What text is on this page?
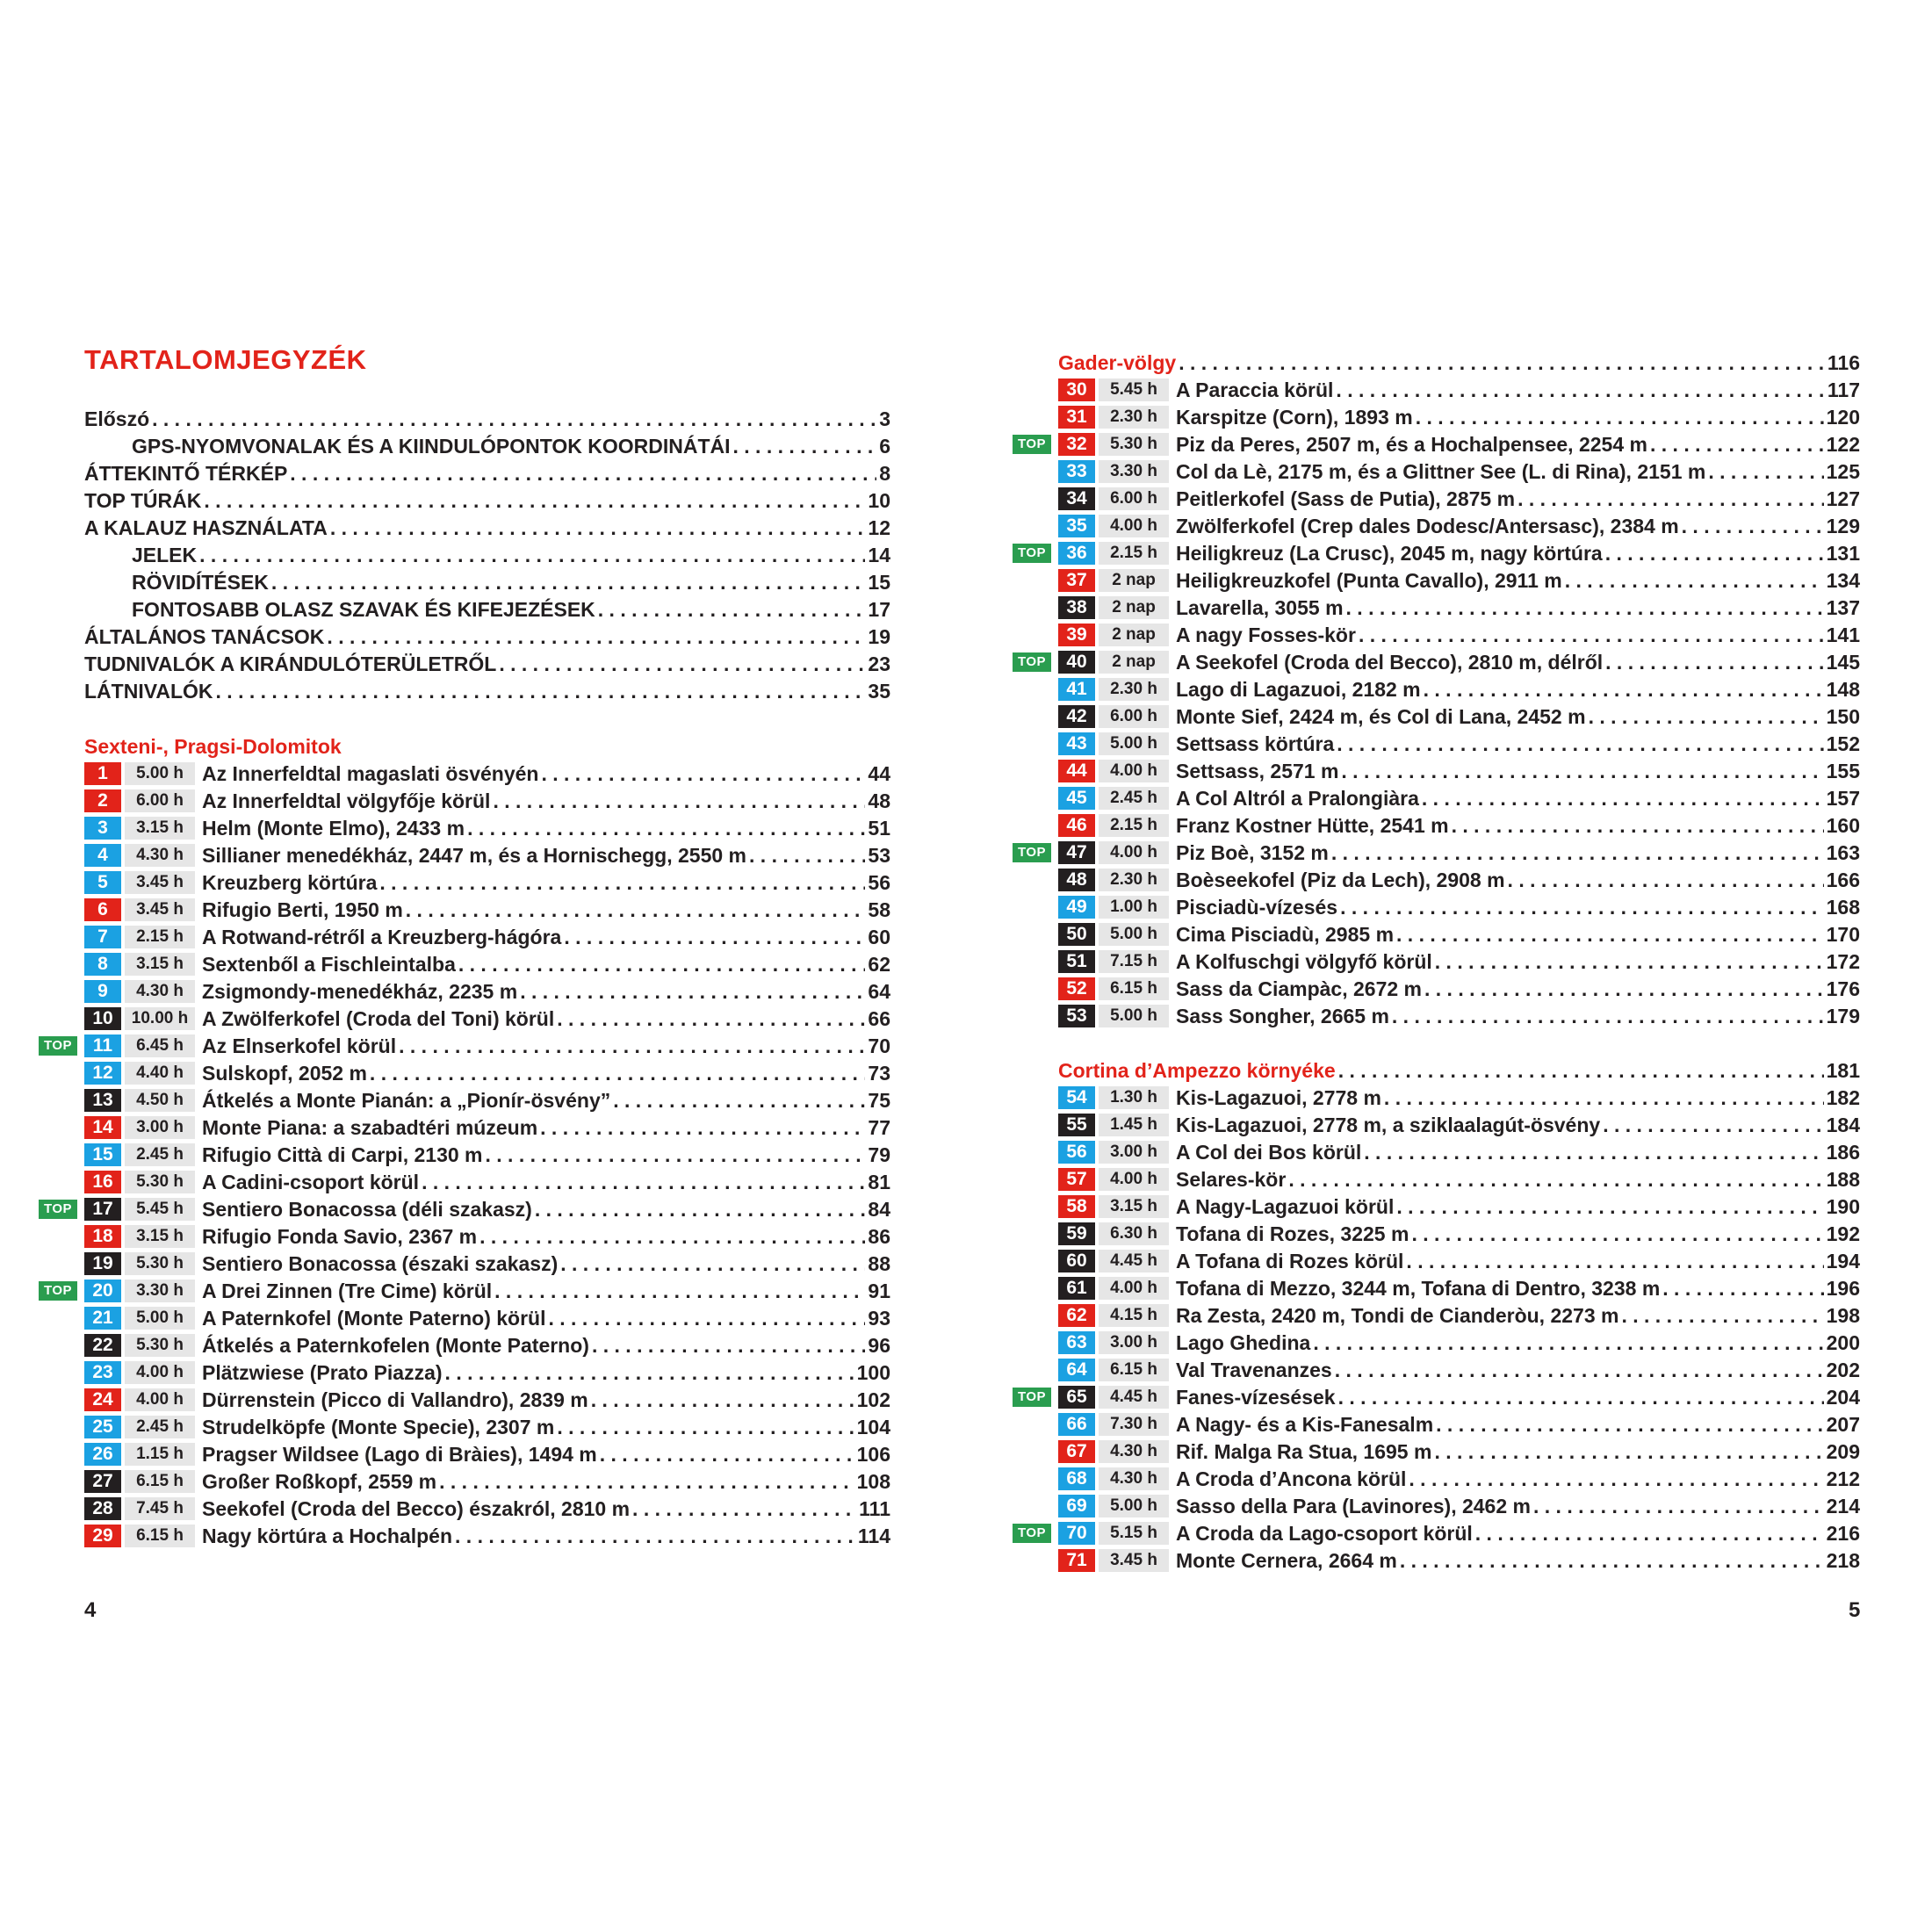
TARTALOMJEGYZÉK
Előszó . . .	3
GPS-NYOMVONALAK ÉS A KIINDULÓPONTOK KOORDINÁTÁI . . .	6
ÁTTEKINTŐ TÉRKÉP . . .	8
TOP TÚRÁK . . .	10
A KALAUZ HASZNÁLATA . . .	12
JELEK . . .	14
RÖVIDÍTÉSEK . . .	15
FONTOSABB OLASZ SZAVAK ÉS KIFEJEZÉSEK . . .	17
ÁLTALÁNOS TANÁCSOK . . .	19
TUDNIVALÓK A KIRÁNDULÓTERÜLETRŐL . . .	23
LÁTNIVALÓK . . .	35
Sexteni-, Pragsi-Dolomitok
1	5.00 h Az Innerfeldtal magaslati ösvényén . . .	44
2	6.00 h Az Innerfeldtal völgyfője körül . . .	48
3	3.15 h Helm (Monte Elmo), 2433 m . . .	51
4	4.30 h Sillianer menedékház, 2447 m, és a Hornischegg, 2550 m . . .	53
5	3.45 h Kreuzberg körtúra . . .	56
6	3.45 h Rifugio Berti, 1950 m . . .	58
7	2.15 h A Rotwand-rétről a Kreuzberg-hágóra . . .	60
8	3.15 h Sextenből a Fischleintalba . . .	62
9	4.30 h Zsigmondy-menedékház, 2235 m . . .	64
10	10.00 h A Zwölferkofel (Croda del Toni) körül . . .	66
TOP	11	6.45 h Az Elnserkofel körül . . .	70
12	4.40 h Sulskopf, 2052 m . . .	73
13	4.50 h Átkelés a Monte Pianán: a „Pionír-ösvény” . . .	75
14	3.00 h Monte Piana: a szabadtéri múzeum . . .	77
15	2.45 h Rifugio Città di Carpi, 2130 m . . .	79
16	5.30 h A Cadini-csoport körül . . .	81
TOP	17	5.45 h Sentiero Bonacossa (déli szakasz) . . .	84
18	3.15 h Rifugio Fonda Savio, 2367 m . . .	86
19	5.30 h Sentiero Bonacossa (északi szakasz) . . .	88
TOP	20	3.30 h A Drei Zinnen (Tre Cime) körül . . .	91
21	5.00 h A Paternkofel (Monte Paterno) körül . . .	93
22	5.30 h Átkelés a Paternkofelen (Monte Paterno) . . .	96
23	4.00 h Plätzwiese (Prato Piazza) . . .	100
24	4.00 h Dürrenstein (Picco di Vallandro), 2839 m . . .	102
25	2.45 h Strudelköpfe (Monte Specie), 2307 m . . .	104
26	1.15 h Pragser Wildsee (Lago di Bràies), 1494 m . . .	106
27	6.15 h Großer Roßkopf, 2559 m . . .	108
28	7.45 h Seekofel (Croda del Becco) északról, 2810 m . . .	111
29	6.15 h Nagy körtúra a Hochalpén . . .	114
Gader-völgy . . .	116
30	5.45 h A Paraccia körül . . .	117
31	2.30 h Karspitze (Corn), 1893 m . . .	120
TOP	32	5.30 h Piz da Peres, 2507 m, és a Hochalpensee, 2254 m . . .	122
33	3.30 h Col da Lè, 2175 m, és a Glittner See (L. di Rina), 2151 m . . .	125
34	6.00 h Peitlerkofel (Sass de Putia), 2875 m . . .	127
35	4.00 h Zwölferkofel (Crep dales Dodesc/Antersasc), 2384 m . . .	129
TOP	36	2.15 h Heiligkreuz (La Crusc), 2045 m, nagy körtúra . . .	131
37	2 nap	Heiligkreuzkofel (Punta Cavallo), 2911 m . . .	134
38	2 nap	Lavarella, 3055 m . . .	137
39	2 nap	A nagy Fosses-kör . . .	141
TOP	40	2 nap	A Seekofel (Croda del Becco), 2810 m, délről . . .	145
41	2.30 h Lago di Lagazuoi, 2182 m . . .	148
42	6.00 h Monte Sief, 2424 m, és Col di Lana, 2452 m . . .	150
43	5.00 h Settsass körtúra . . .	152
44	4.00 h Settsass, 2571 m . . .	155
45	2.45 h A Col Altról a Pralongiàra . . .	157
46	2.15 h Franz Kostner Hütte, 2541 m . . .	160
TOP	47	4.00 h Piz Boè, 3152 m . . .	163
48	2.30 h Boèseekofel (Piz da Lech), 2908 m . . .	166
49	1.00 h Pisciadù-vízesés . . .	168
50	5.00 h Cima Pisciadù, 2985 m . . .	170
51	7.15 h A Kolfuschgi völgyfő körül . . .	172
52	6.15 h Sass da Ciampàc, 2672 m . . .	176
53	5.00 h Sass Songher, 2665 m . . .	179
Cortina d’Ampezzo környéke . . .	181
54	1.30 h Kis-Lagazuoi, 2778 m . . .	182
55	1.45 h Kis-Lagazuoi, 2778 m, a sziklaalagút-ösvény . . .	184
56	3.00 h A Col dei Bos körül . . .	186
57	4.00 h Selares-kör . . .	188
58	3.15 h A Nagy-Lagazuoi körül . . .	190
59	6.30 h Tofana di Rozes, 3225 m . . .	192
60	4.45 h A Tofana di Rozes körül . . .	194
61	4.00 h Tofana di Mezzo, 3244 m, Tofana di Dentro, 3238 m . . .	196
62	4.15 h Ra Zesta, 2420 m, Tondi de Cianderòu, 2273 m . . .	198
63	3.00 h Lago Ghedina . . .	200
64	6.15 h Val Travenanzes . . .	202
TOP	65	4.45 h Fanes-vízesések . . .	204
66	7.30 h A Nagy- és a Kis-Fanesalm . . .	207
67	4.30 h Rif. Malga Ra Stua, 1695 m . . .	209
68	4.30 h A Croda d’Ancona körül . . .	212
69	5.00 h Sasso della Para (Lavinores), 2462 m . . .	214
TOP	70	5.15 h A Croda da Lago-csoport körül . . .	216
71	3.45 h Monte Cernera, 2664 m . . .	218
4	5
